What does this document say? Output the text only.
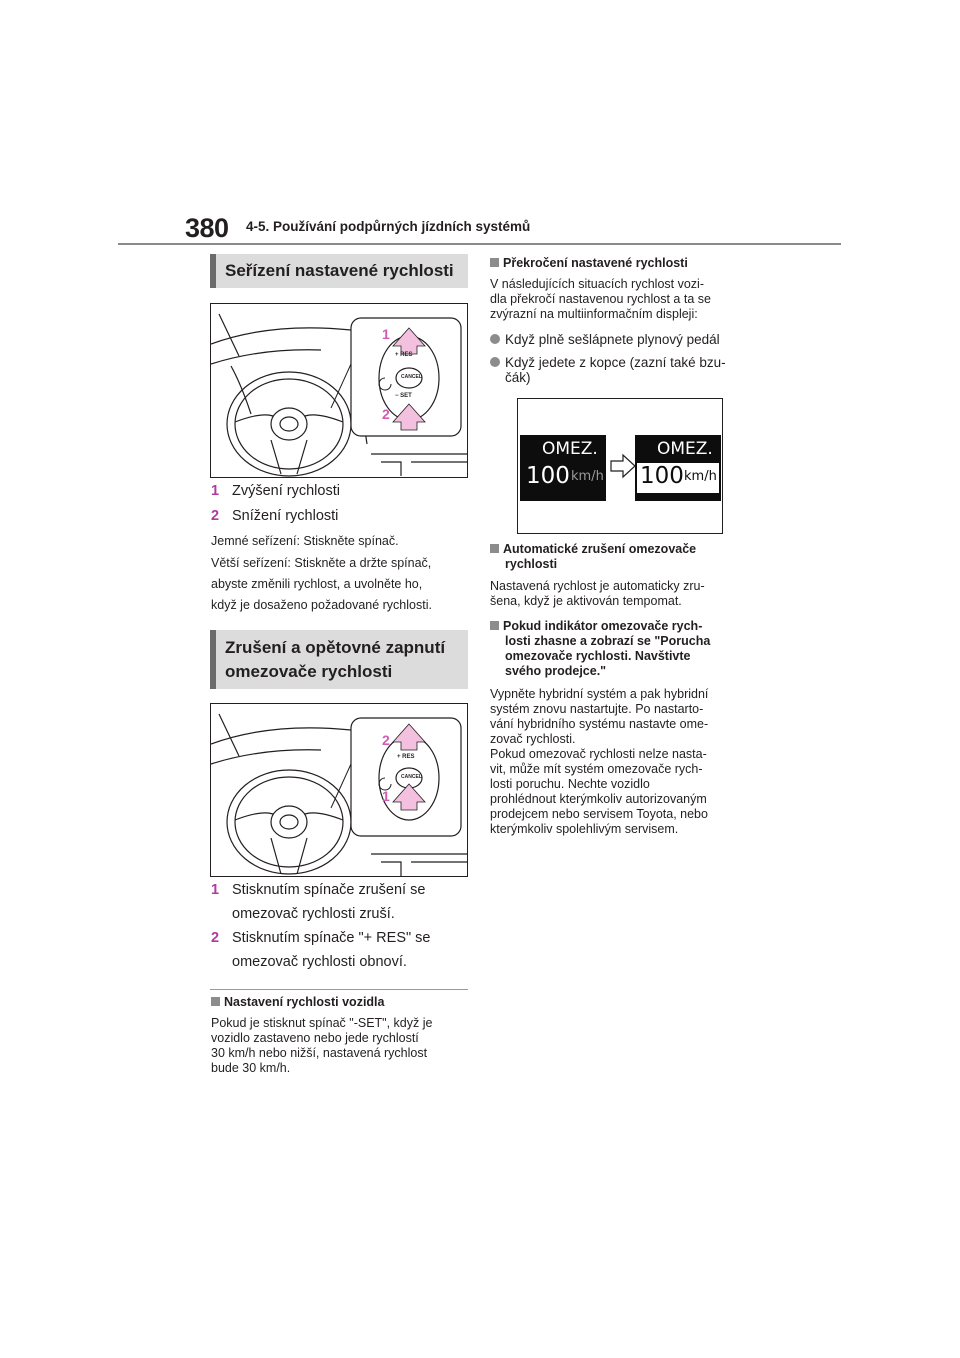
380 4-5. Používání podpůrných jízdních systémů
Seřízení nastavené rychlosti
+ RES
CANCEL
− SET
1
2
1 Zvýšení rychlosti
2 Snížení rychlosti
Jemné seřízení: Stiskněte spínač.
Větší seřízení: Stiskněte a držte spínač,
abyste změnili rychlost, a uvolněte ho,
když je dosaženo požadované rychlosti.
Zrušení a opětovné zapnutí
omezovače rychlosti
+ RES
CANCEL
2
1
1 Stisknutím spínače zrušení se
omezovač rychlosti zruší.
2 Stisknutím spínače "+ RES" se
omezovač rychlosti obnoví.
Nastavení rychlosti vozidla
Pokud je stisknut spínač "-SET", když je
vozidlo zastaveno nebo jede rychlostí
30 km/h nebo nižší, nastavená rychlost
bude 30 km/h.
Překročení nastavené rychlosti
V následujících situacích rychlost vozi-
dla překročí nastavenou rychlost a ta se
zvýrazní na multiinformačním displeji:
Když plně sešlápnete plynový pedál
Když jedete z kopce (zazní také bzu-
čák)
OMEZ.
100 km/h
OMEZ.
100 km/h
Automatické zrušení omezovače
rychlosti
Nastavená rychlost je automaticky zru-
šena, když je aktivován tempomat.
Pokud indikátor omezovače rych-
losti zhasne a zobrazí se "Porucha
omezovače rychlosti. Navštivte
svého prodejce."
Vypněte hybridní systém a pak hybridní
systém znovu nastartujte. Po nastarto-
vání hybridního systému nastavte ome-
zovač rychlosti.
Pokud omezovač rychlosti nelze nasta-
vit, může mít systém omezovače rych-
losti poruchu. Nechte vozidlo
prohlédnout kterýmkoliv autorizovaným
prodejcem nebo servisem Toyota, nebo
kterýmkoliv spolehlivým servisem.
